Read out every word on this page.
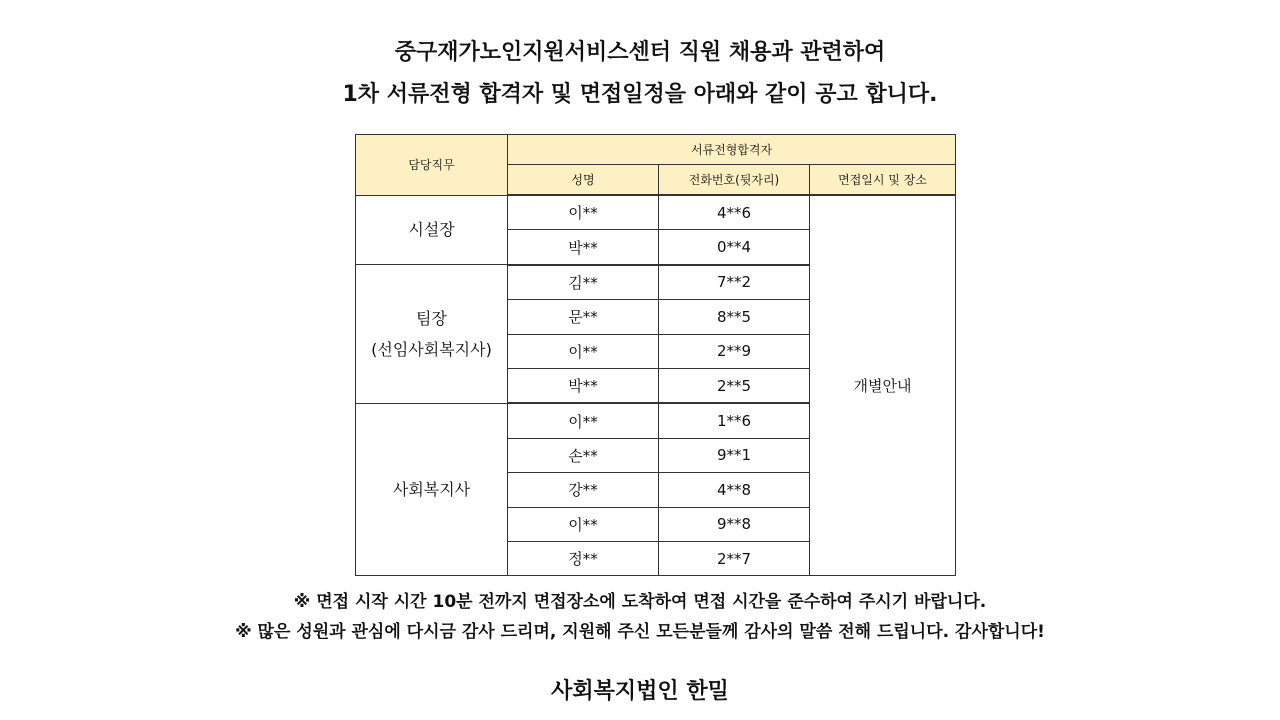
중구재가노인지원서비스센터 직원 채용과 관련하여
1차 서류전형 합격자 및 면접일정을 아래와 같이 공고 합니다.
담당직무	서류전형합격자		
	성명	전화번호(뒷자리)	면접일시 및 장소

시설장	이**	4**6	개별안내
	박**	0**4	

팀장
(선임사회복지사)	김**	7**2	
	문**	8**5	
	이**	2**9	
	박**	2**5	

사회복지사	이**	1**6	
	손**	9**1	
	강**	4**8	
	이**	9**8	
	정**	2**7	
※ 면접 시작 시간 10분 전까지 면접장소에 도착하여 면접 시간을 준수하여 주시기 바랍니다.
※ 많은 성원과 관심에 다시금 감사 드리며, 지원해 주신 모든분들께 감사의 말씀 전해 드립니다. 감사합니다!
사회복지법인 한밀
